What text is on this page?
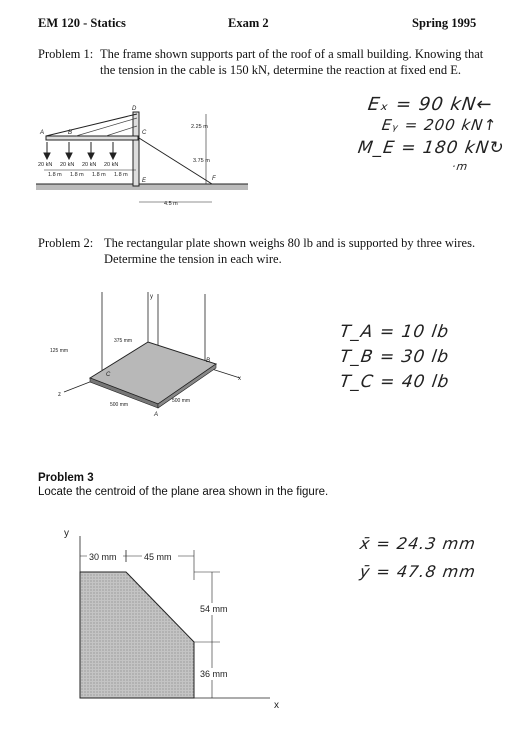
EM 120 - Statics	Exam 2	Spring 1995
Problem 1: The frame shown supports part of the roof of a small building. Knowing that
the tension in the cable is 150 kN, determine the reaction at fixed end E.
20 kN 20 kN 20 kN 20 kN
1.8 m 1.8 m 1.8 m 1.8 m
A	B	C
D
E	F
2.25 m
3.75 m
4.5 m
Eₓ = 90 kN←
Eᵧ = 200 kN↑
M_E = 180 kN↻
·m
Problem 2: The rectangular plate shown weighs 80 lb and is supported by three wires.
Determine the tension in each wire.
y
x
z
C
A
B
375 mm
125 mm
500 mm
500 mm
T_A = 10 lb
T_B = 30 lb
T_C = 40 lb
Problem 3
Locate the centroid of the plane area shown in the figure.
y
x
30 mm	45 mm
54 mm
36 mm
x̄ = 24.3 mm
ȳ = 47.8 mm
